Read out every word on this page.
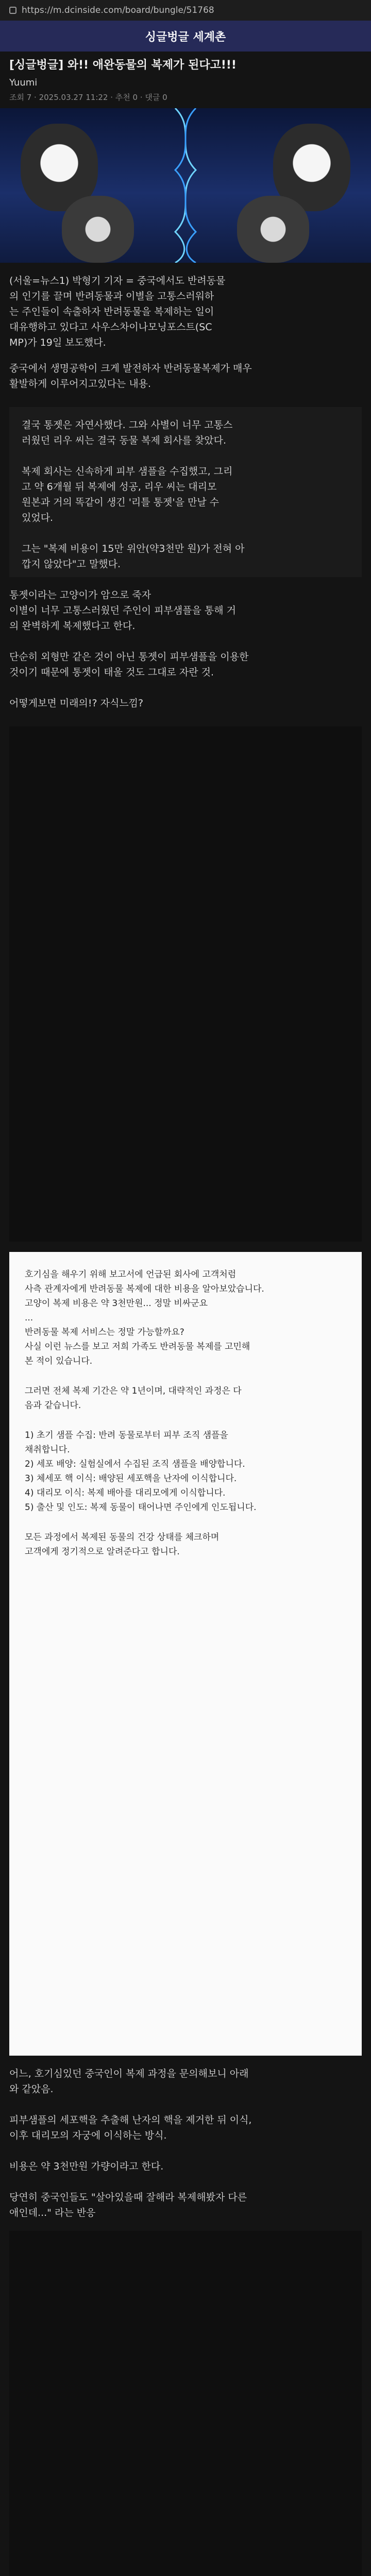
https://m.dcinside.com/board/bungle/51768
싱글벙글 세계촌
[싱글벙글] 와!! 애완동물의 복제가 된다고!!!
Yuumi
조회 7 · 2025.03.27 11:22 · 추천 0 · 댓글 0
(서울=뉴스1) 박형기 기자 = 중국에서도 반려동물
의 인기를 끌며 반려동물과 이별을 고통스러워하
는 주인들이 속출하자 반려동물을 복제하는 일이
대유행하고 있다고 사우스차이나모닝포스트(SC
MP)가 19일 보도했다.
중국에서 생명공학이 크게 발전하자 반려동물복제가 매우
활발하게 이루어지고있다는 내용.
결국 통젯은 자연사했다. 그와 사별이 너무 고통스
러웠던 리우 씨는 결국 동물 복제 회사를 찾았다.
복제 회사는 신속하게 피부 샘플을 수집했고, 그리
고 약 6개월 뒤 복제에 성공, 리우 씨는 대리모
원본과 거의 똑같이 생긴 '리틀 통젯'을 만날 수
있었다.
그는 "복제 비용이 15만 위안(약3천만 원)가 전혀 아
깝지 않았다"고 말했다.
통젯이라는 고양이가 암으로 죽자
이별이 너무 고통스러웠던 주인이 피부샘플을 통해 거
의 완벽하게 복제했다고 한다.
단순히 외형만 같은 것이 아닌 통젯이 피부샘플을 이용한
것이기 때문에 통젯이 태울 것도 그대로 자란 것.
어떻게보면 미래의!? 자식느낌?
호기심을 해우기 위해 보고서에 언급된 회사에 고객처럼
사측 관계자에게 반려동물 복제에 대한 비용을 알아보았습니다.
고양이 복제 비용은 약 3천만원... 정말 비싸군요
...
반려동물 복제 서비스는 정말 가능할까요?
사실 이런 뉴스를 보고 저희 가족도 반려동물 복제를 고민해
본 적이 있습니다.
그러면 전체 복제 기간은 약 1년이며, 대략적인 과정은 다
음과 같습니다.
1) 초기 샘플 수집: 반려 동물로부터 피부 조직 샘플을
채취합니다.
2) 세포 배양: 실험실에서 수집된 조직 샘플을 배양합니다.
3) 체세포 핵 이식: 배양된 세포핵을 난자에 이식합니다.
4) 대리모 이식: 복제 배아를 대리모에게 이식합니다.
5) 출산 및 인도: 복제 동물이 태어나면 주인에게 인도됩니다.
모든 과정에서 복제된 동물의 건강 상태를 체크하며
고객에게 정기적으로 알려준다고 합니다.
어느, 호기심있던 중국인이 복제 과정을 문의해보니 아래
와 같았음.
피부샘플의 세포핵을 추출해 난자의 핵을 제거한 뒤 이식,
이후 대리모의 자궁에 이식하는 방식.
비용은 약 3천만원 가량이라고 한다.
당연히 중국인들도 "살아있을때 잘해라 복제해봤자 다른
애인데..." 라는 반응
